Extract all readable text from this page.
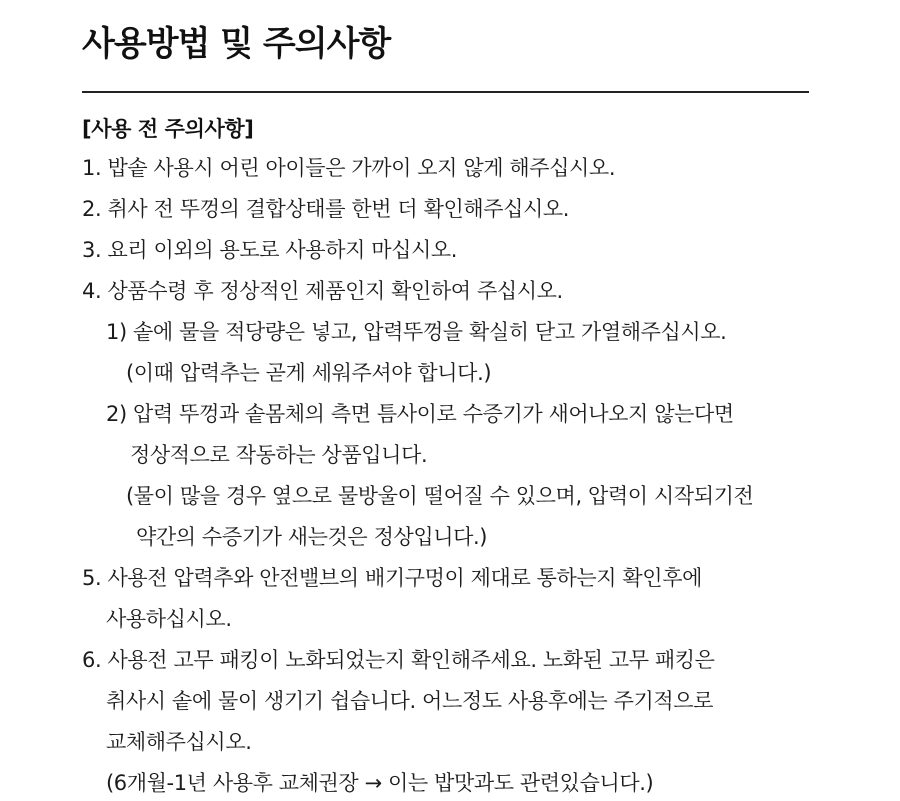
사용방법 및 주의사항
[사용 전 주의사항]
1. 밥솥 사용시 어린 아이들은 가까이 오지 않게 해주십시오.
2. 취사 전 뚜껑의 결합상태를 한번 더 확인해주십시오.
3. 요리 이외의 용도로 사용하지 마십시오.
4. 상품수령 후 정상적인 제품인지 확인하여 주십시오.
1) 솥에 물을 적당량은 넣고, 압력뚜껑을 확실히 닫고 가열해주십시오.
(이때 압력추는 곧게 세워주셔야 합니다.)
2) 압력 뚜껑과 솥몸체의 측면 틈사이로 수증기가 새어나오지 않는다면
정상적으로 작동하는 상품입니다.
(물이 많을 경우 옆으로 물방울이 떨어질 수 있으며, 압력이 시작되기전
약간의 수증기가 새는것은 정상입니다.)
5. 사용전 압력추와 안전밸브의 배기구멍이 제대로 통하는지 확인후에
사용하십시오.
6. 사용전 고무 패킹이 노화되었는지 확인해주세요. 노화된 고무 패킹은
취사시 솥에 물이 생기기 쉽습니다. 어느정도 사용후에는 주기적으로
교체해주십시오.
(6개월-1년 사용후 교체권장 → 이는 밥맛과도 관련있습니다.)
